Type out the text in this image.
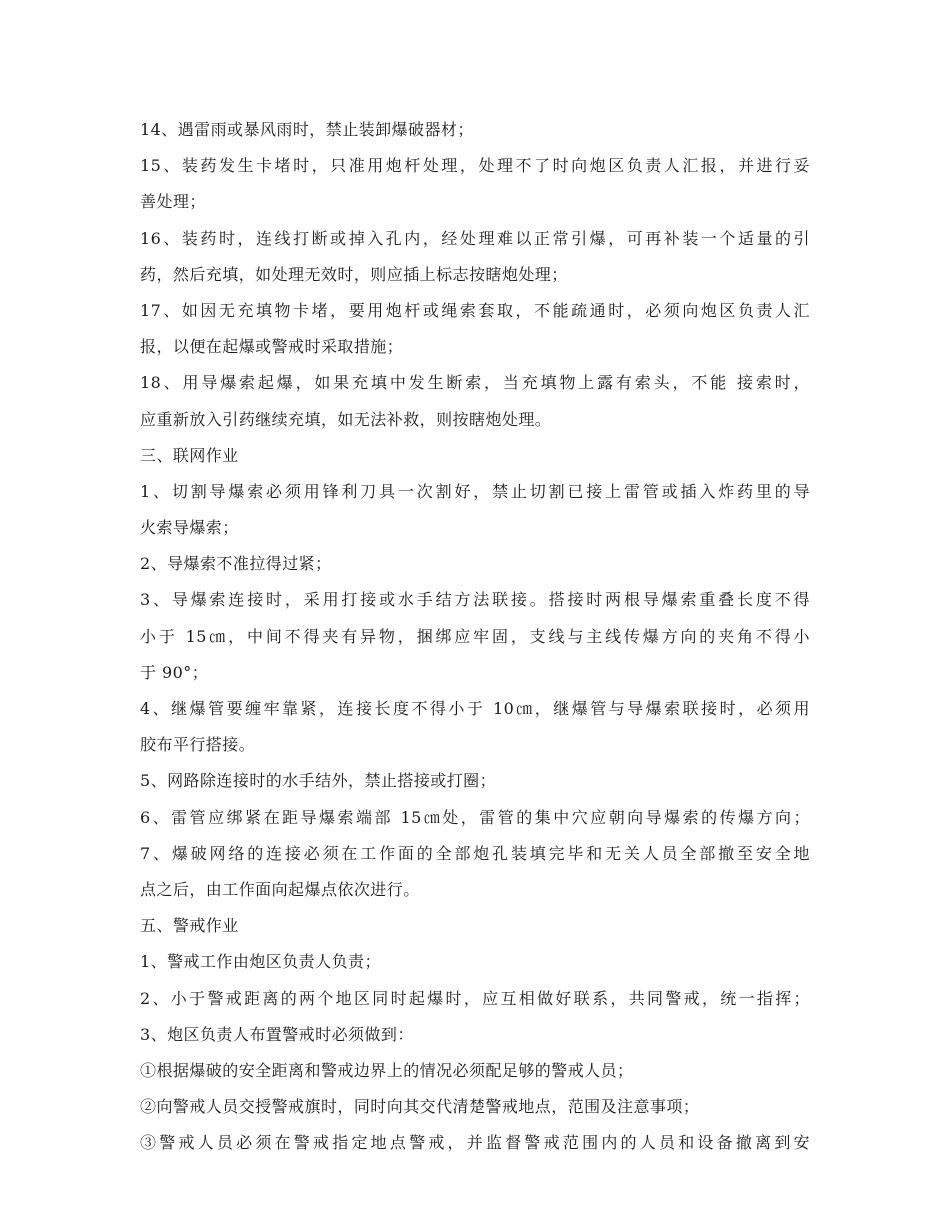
14、遇雷雨或暴风雨时，禁止装卸爆破器材；
15、装药发生卡堵时，只准用炮杆处理，处理不了时向炮区负责人汇报，并进行妥
善处理；
16、装药时，连线打断或掉入孔内，经处理难以正常引爆，可再补装一个适量的引
药，然后充填，如处理无效时，则应插上标志按瞎炮处理；
17、如因无充填物卡堵，要用炮杆或绳索套取，不能疏通时，必须向炮区负责人汇
报，以便在起爆或警戒时采取措施；
18、用导爆索起爆，如果充填中发生断索，当充填物上露有索头，不能 接索时，
应重新放入引药继续充填，如无法补救，则按瞎炮处理。
三、联网作业
1、切割导爆索必须用锋利刀具一次割好，禁止切割已接上雷管或插入炸药里的导
火索导爆索；
2、导爆索不准拉得过紧；
3、导爆索连接时，采用打接或水手结方法联接。搭接时两根导爆索重叠长度不得
小于 15㎝，中间不得夹有异物，捆绑应牢固，支线与主线传爆方向的夹角不得小
于 90°；
4、继爆管要缠牢靠紧，连接长度不得小于 10㎝，继爆管与导爆索联接时，必须用
胶布平行搭接。
5、网路除连接时的水手结外，禁止搭接或打圈；
6、雷管应绑紧在距导爆索端部 15㎝处，雷管的集中穴应朝向导爆索的传爆方向；
7、爆破网络的连接必须在工作面的全部炮孔装填完毕和无关人员全部撤至安全地
点之后，由工作面向起爆点依次进行。
五、警戒作业
1、警戒工作由炮区负责人负责；
2、小于警戒距离的两个地区同时起爆时，应互相做好联系，共同警戒，统一指挥；
3、炮区负责人布置警戒时必须做到：
①根据爆破的安全距离和警戒边界上的情况必须配足够的警戒人员；
②向警戒人员交授警戒旗时，同时向其交代清楚警戒地点，范围及注意事项；
③警戒人员必须在警戒指定地点警戒，并监督警戒范围内的人员和设备撤离到安
